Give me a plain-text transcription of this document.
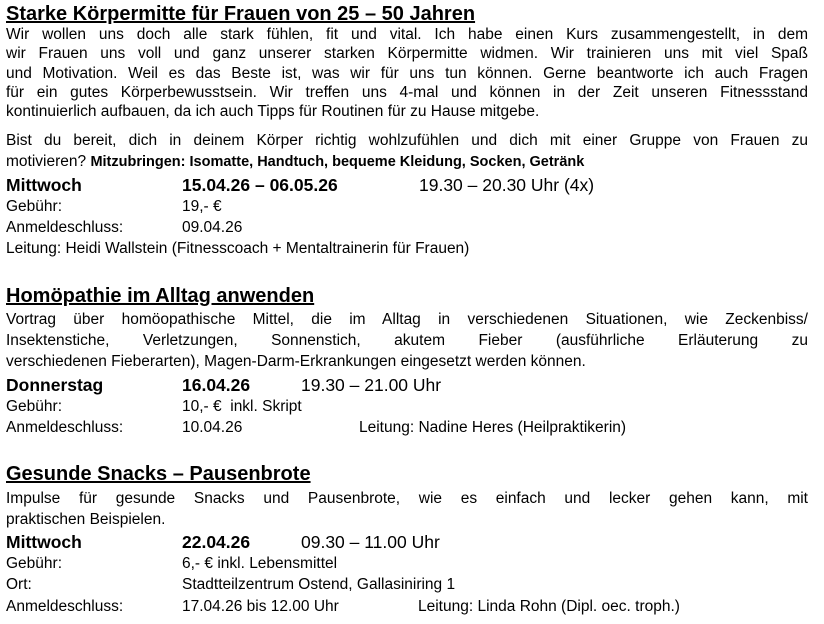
Starke Körpermitte für Frauen von 25 – 50 Jahren
Wir wollen uns doch alle stark fühlen, fit und vital. Ich habe einen Kurs zusammengestellt, in dem
wir Frauen uns voll und ganz unserer starken Körpermitte widmen. Wir trainieren uns mit viel Spaß
und Motivation. Weil es das Beste ist, was wir für uns tun können. Gerne beantworte ich auch Fragen
für ein gutes Körperbewusstsein. Wir treffen uns 4-mal und können in der Zeit unseren Fitnessstand
kontinuierlich aufbauen, da ich auch Tipps für Routinen für zu Hause mitgebe.
Bist du bereit, dich in deinem Körper richtig wohlzufühlen und dich mit einer Gruppe von Frauen zu
motivieren? Mitzubringen: Isomatte, Handtuch, bequeme Kleidung, Socken, Getränk
Mittwoch	15.04.26 – 06.05.26	19.30 – 20.30 Uhr (4x)
Gebühr:	19,- €
Anmeldeschluss:	09.04.26
Leitung: Heidi Wallstein (Fitnesscoach + Mentaltrainerin für Frauen)
Homöpathie im Alltag anwenden
Vortrag über homöopathische Mittel, die im Alltag in verschiedenen Situationen, wie Zeckenbiss/
Insektenstiche, Verletzungen, Sonnenstich, akutem Fieber (ausführliche Erläuterung zu
verschiedenen Fieberarten), Magen-Darm-Erkrankungen eingesetzt werden können.
Donnerstag	16.04.26	19.30 – 21.00 Uhr
Gebühr:	10,- €  inkl. Skript
Anmeldeschluss:	10.04.26	Leitung: Nadine Heres (Heilpraktikerin)
Gesunde Snacks – Pausenbrote
Impulse für gesunde Snacks und Pausenbrote, wie es einfach und lecker gehen kann, mit
praktischen Beispielen.
Mittwoch	22.04.26	09.30 – 11.00 Uhr
Gebühr:	6,- € inkl. Lebensmittel
Ort:	Stadtteilzentrum Ostend, Gallasiniring 1
Anmeldeschluss:	17.04.26 bis 12.00 Uhr	Leitung: Linda Rohn (Dipl. oec. troph.)
